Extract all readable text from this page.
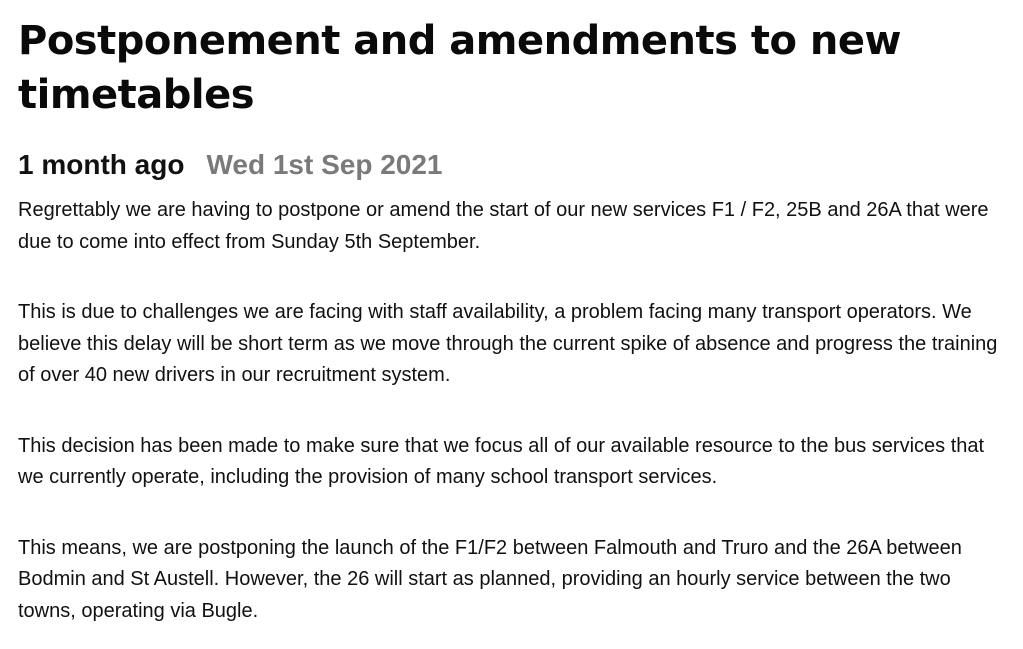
Postponement and amendments to new timetables
1 month ago Wed 1st Sep 2021

Regrettably we are having to postpone or amend the start of our new services F1 / F2, 25B and 26A that were due to come into effect from Sunday 5th September.

This is due to challenges we are facing with staff availability, a problem facing many transport operators. We believe this delay will be short term as we move through the current spike of absence and progress the training of over 40 new drivers in our recruitment system.

This decision has been made to make sure that we focus all of our available resource to the bus services that we currently operate, including the provision of many school transport services.

This means, we are postponing the launch of the F1/F2 between Falmouth and Truro and the 26A between Bodmin and St Austell. However, the 26 will start as planned, providing an hourly service between the two towns, operating via Bugle.
